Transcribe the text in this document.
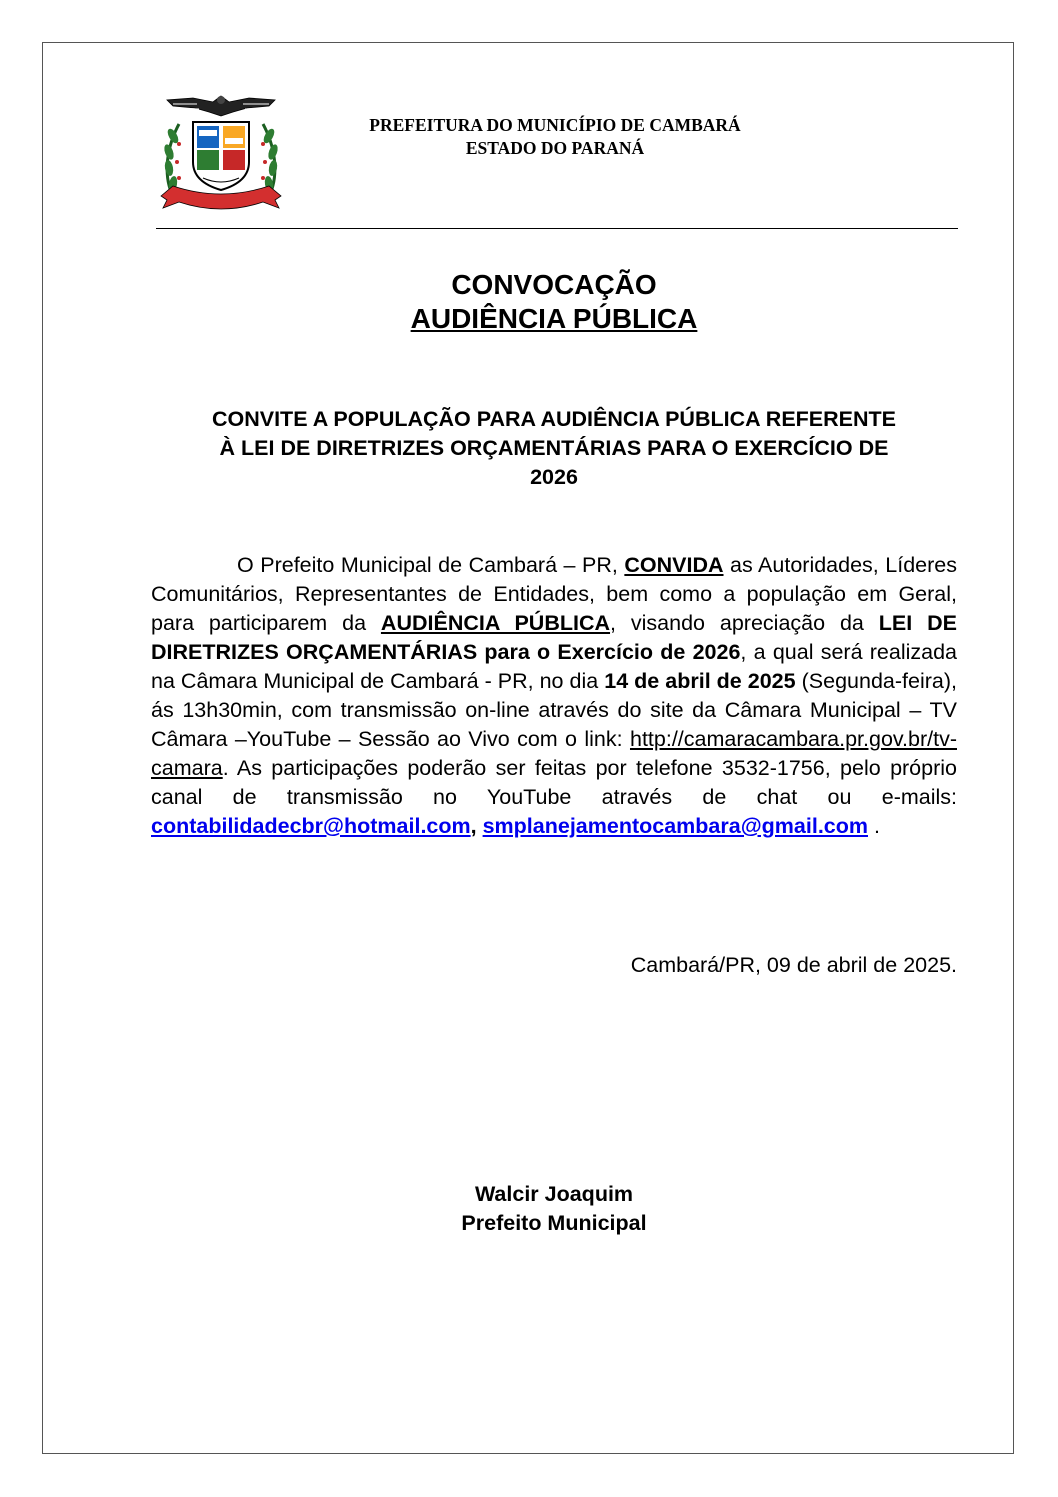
PREFEITURA DO MUNICÍPIO DE CAMBARÁ
ESTADO DO PARANÁ
CONVOCAÇÃO
AUDIÊNCIA PÚBLICA
CONVITE A POPULAÇÃO PARA AUDIÊNCIA PÚBLICA REFERENTE
À LEI DE DIRETRIZES ORÇAMENTÁRIAS PARA O EXERCÍCIO DE
2026
O Prefeito Municipal de Cambará – PR, CONVIDA as Autoridades, Líderes Comunitários, Representantes de Entidades, bem como a população em Geral, para participarem da AUDIÊNCIA PÚBLICA, visando apreciação da LEI DE DIRETRIZES ORÇAMENTÁRIAS para o Exercício de 2026, a qual será realizada na Câmara Municipal de Cambará - PR, no dia 14 de abril de 2025 (Segunda-feira), ás 13h30min, com transmissão on-line através do site da Câmara Municipal – TV Câmara –YouTube – Sessão ao Vivo com o link: http://camaracambara.pr.gov.br/tv-camara. As participações poderão ser feitas por telefone 3532-1756, pelo próprio canal de transmissão no YouTube através de chat ou e-mails: contabilidadecbr@hotmail.com, smplanejamentocambara@gmail.com .
Cambará/PR, 09 de abril de 2025.
Walcir Joaquim
Prefeito Municipal
